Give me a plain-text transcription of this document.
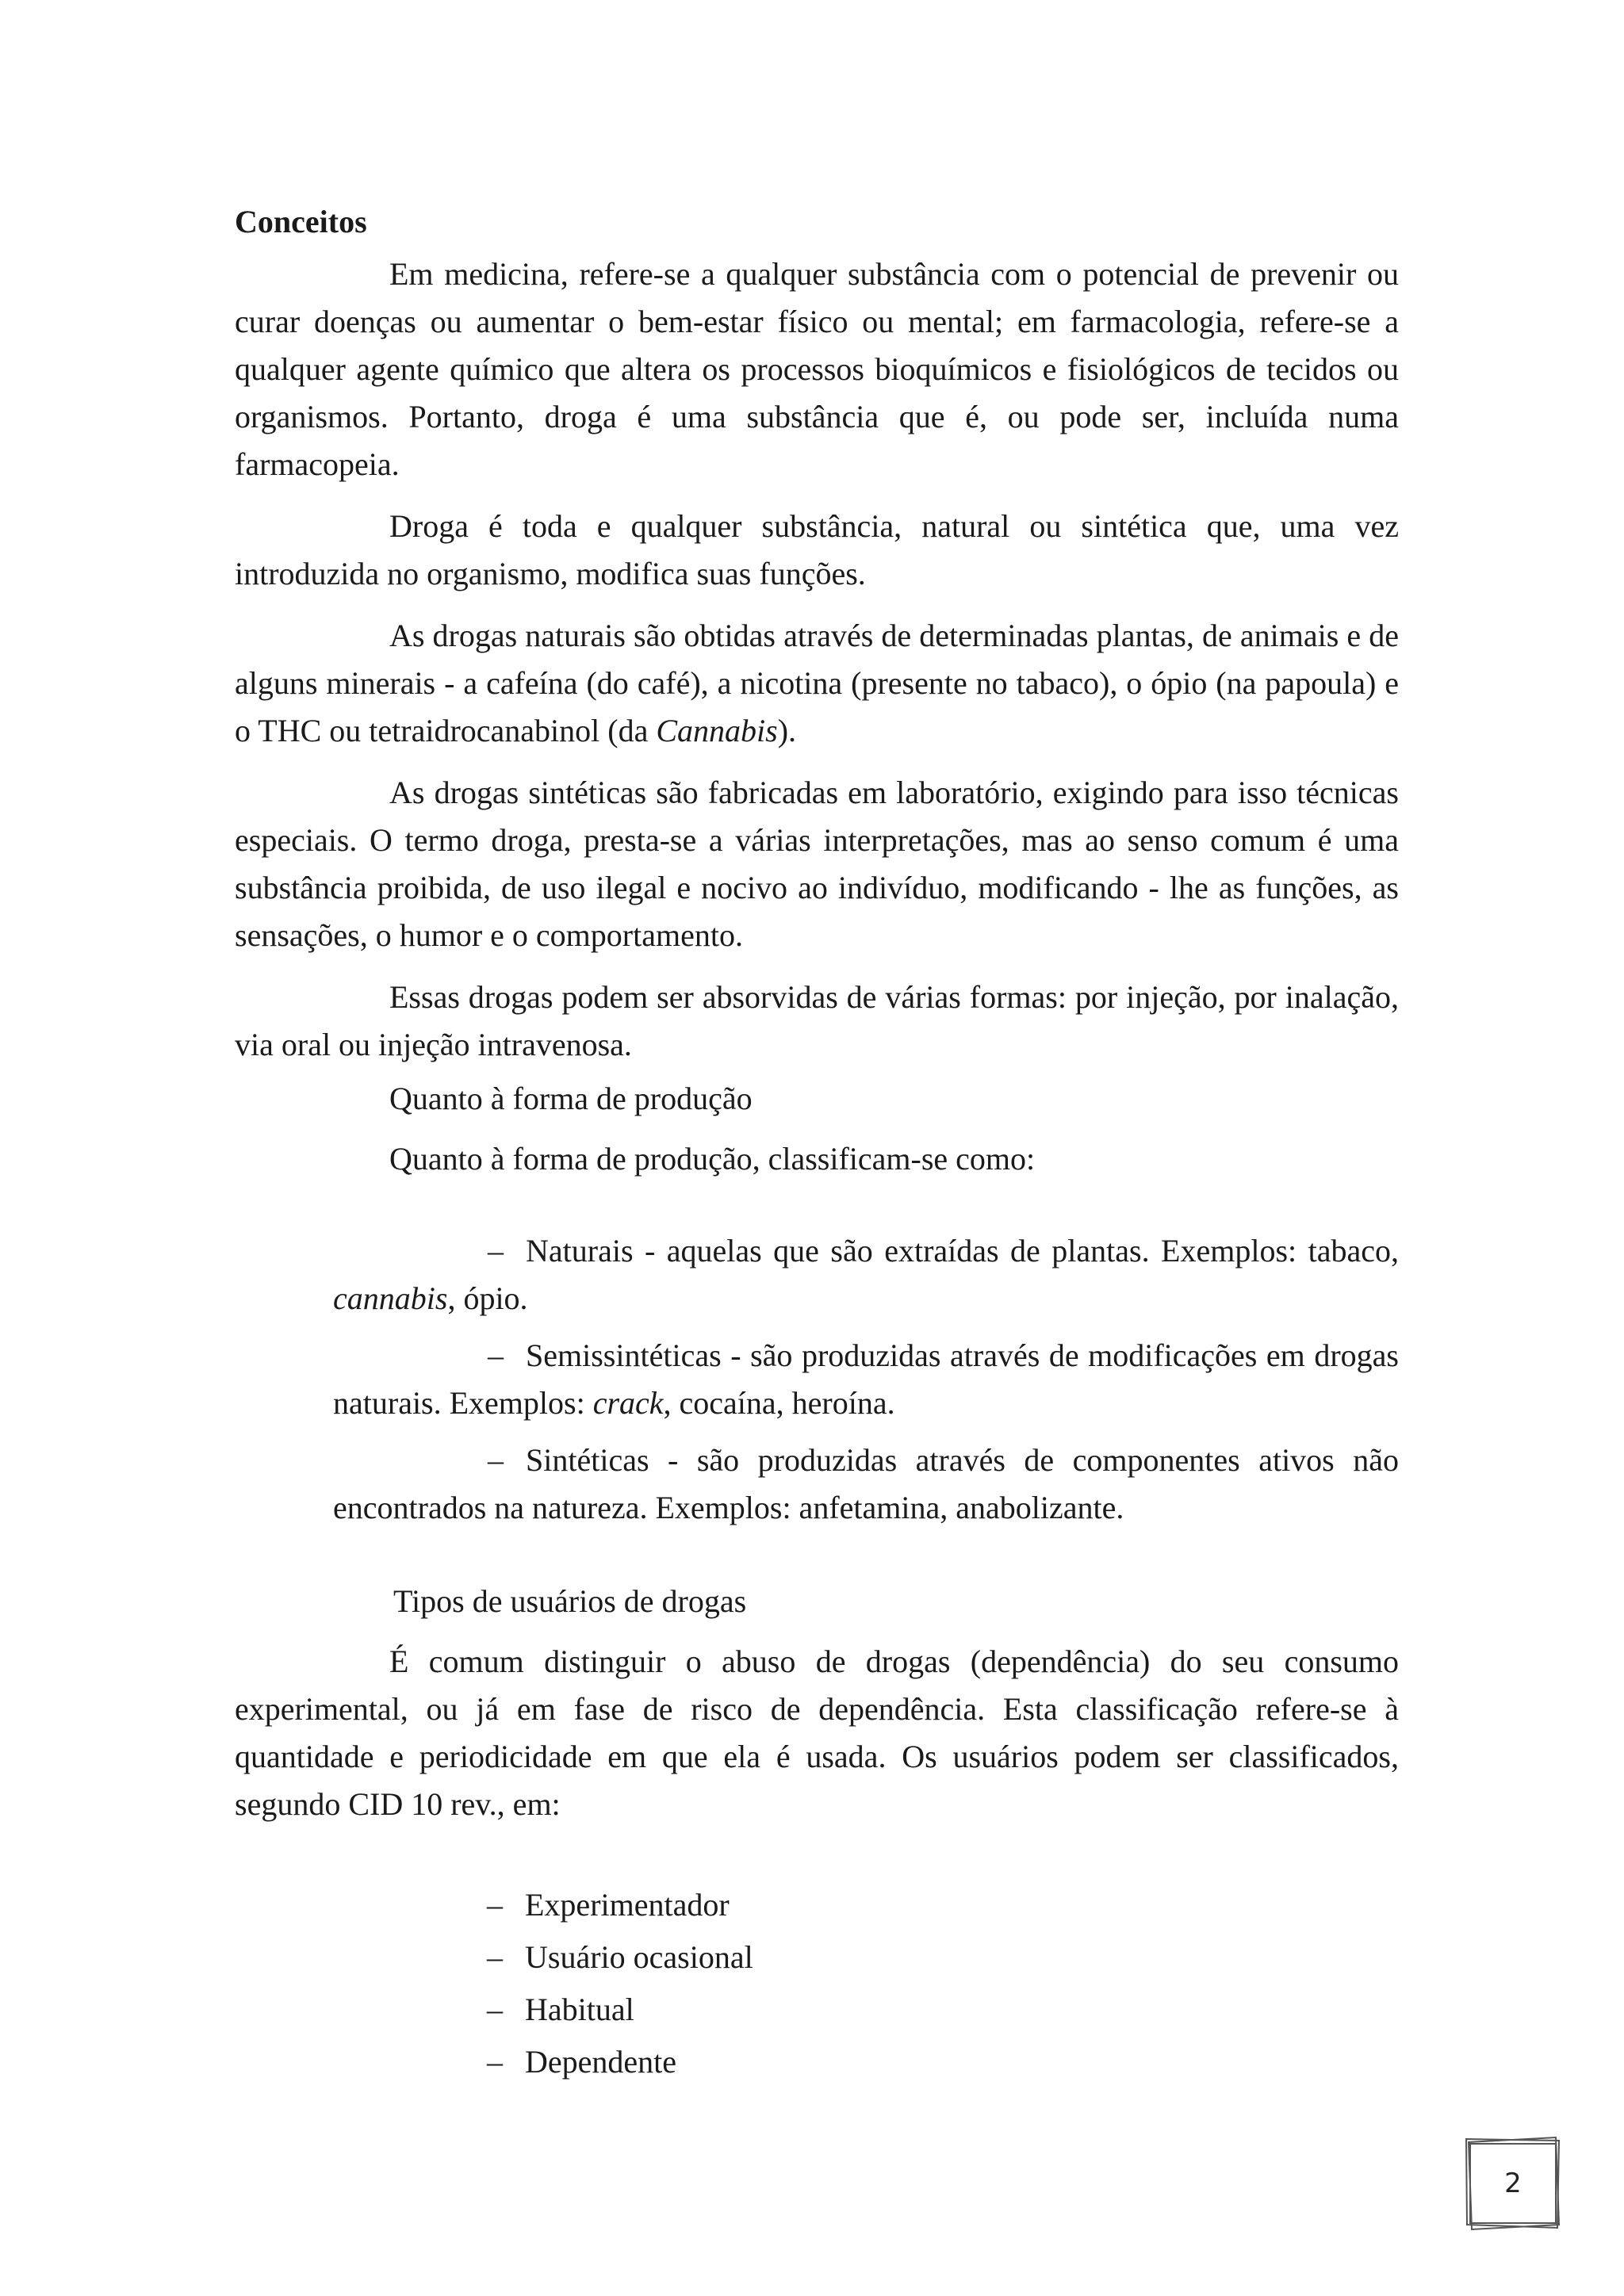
Conceitos

Em medicina, refere-se a qualquer substância com o potencial de prevenir ou curar doenças ou aumentar o bem-estar físico ou mental; em farmacologia, refere-se a qualquer agente químico que altera os processos bioquímicos e fisiológicos de tecidos ou organismos. Portanto, droga é uma substância que é, ou pode ser, incluída numa farmacopeia.

Droga é toda e qualquer substância, natural ou sintética que, uma vez introduzida no organismo, modifica suas funções.

As drogas naturais são obtidas através de determinadas plantas, de animais e de alguns minerais - a cafeína (do café), a nicotina (presente no tabaco), o ópio (na papoula) e o THC ou tetraidrocanabinol (da Cannabis).

As drogas sintéticas são fabricadas em laboratório, exigindo para isso técnicas especiais. O termo droga, presta-se a várias interpretações, mas ao senso comum é uma substância proibida, de uso ilegal e nocivo ao indivíduo, modificando - lhe as funções, as sensações, o humor e o comportamento.

Essas drogas podem ser absorvidas de várias formas: por injeção, por inalação, via oral ou injeção intravenosa.

Quanto à forma de produção

Quanto à forma de produção, classificam-se como:

– Naturais - aquelas que são extraídas de plantas. Exemplos: tabaco, cannabis, ópio.

– Semissintéticas - são produzidas através de modificações em drogas naturais. Exemplos: crack, cocaína, heroína.

– Sintéticas - são produzidas através de componentes ativos não encontrados na natureza. Exemplos: anfetamina, anabolizante.

Tipos de usuários de drogas

É comum distinguir o abuso de drogas (dependência) do seu consumo experimental, ou já em fase de risco de dependência. Esta classificação refere-se à quantidade e periodicidade em que ela é usada. Os usuários podem ser classificados, segundo CID 10 rev., em:

– Experimentador
– Usuário ocasional
– Habitual
– Dependente
2
